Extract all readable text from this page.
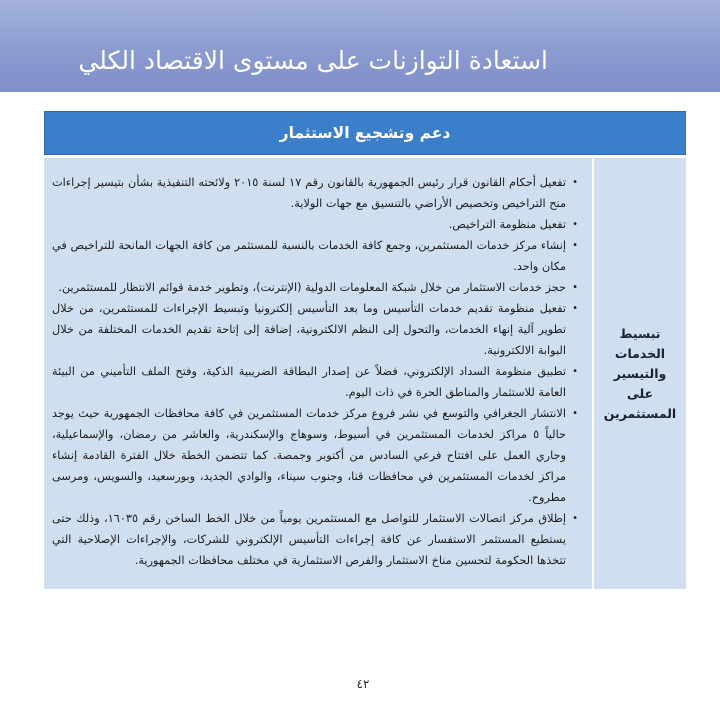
استعادة التوازنات على مستوى الاقتصاد الكلي
دعم وتشجيع الاستثمار
•
تفعيل أحكام القانون قرار رئيس الجمهورية بالقانون رقم ١٧ لسنة ٢٠١٥ ولائحته التنفيذية بشأن بتيسير إجراءات منح التراخيص وتخصيص الأراضي بالتنسيق مع جهات الولاية.
•
تفعيل منظومة التراخيص.
•
إنشاء مركز خدمات المستثمرين، وجمع كافة الخدمات بالنسبة للمستثمر من كافة الجهات المانحة للتراخيص في مكان واحد.
•
حجز خدمات الاستثمار من خلال شبكة المعلومات الدولية (الإنترنت)، وتطوير خدمة قوائم الانتظار للمستثمرين.
•
تفعيل منظومة تقديم خدمات التأسيس وما بعد التأسيس إلكترونيا وتبسيط الإجراءات للمستثمرين، من خلال تطوير آلية إنهاء الخدمات، والتحول إلى النظم الالكترونية، إضافة إلى إتاحة تقديم الخدمات المختلفة من خلال البوابة الالكترونية.
•
تطبيق منظومة السداد الإلكتروني، فضلاً عن إصدار البطاقة الضريبية الذكية، وفتح الملف التأميني من البيئة العامة للاستثمار والمناطق الحرة في ذات اليوم.
•
الانتشار الجغرافي والتوسع في نشر فروع مركز خدمات المستثمرين في كافة محافظات الجمهورية حيث يوجد حالياً ٥ مراكز لخدمات المستثمرين في أسيوط، وسوهاج والإسكندرية، والعاشر من رمضان، والإسماعيلية، وجاري العمل على افتتاح فرعي السادس من أكتوبر وجمصة. كما تتضمن الخطة خلال الفترة القادمة إنشاء مراكز لخدمات المستثمرين في محافظات قنا، وجنوب سيناء، والوادي الجديد، وبورسعيد، والسويس، ومرسى مطروح.
•
إطلاق مركز اتصالات الاستثمار للتواصل مع المستثمرين يومياً من خلال الخط الساخن رقم ١٦٠٣٥، وذلك حتى يستطيع المستثمر الاستفسار عن كافة إجراءات التأسيس الإلكتروني للشركات، والإجراءات الإصلاحية التي تتخذها الحكومة لتحسين مناخ الاستثمار والفرص الاستثمارية في مختلف محافظات الجمهورية.
تبسيط الخدمات والتيسير على المستثمرين
٤٢
